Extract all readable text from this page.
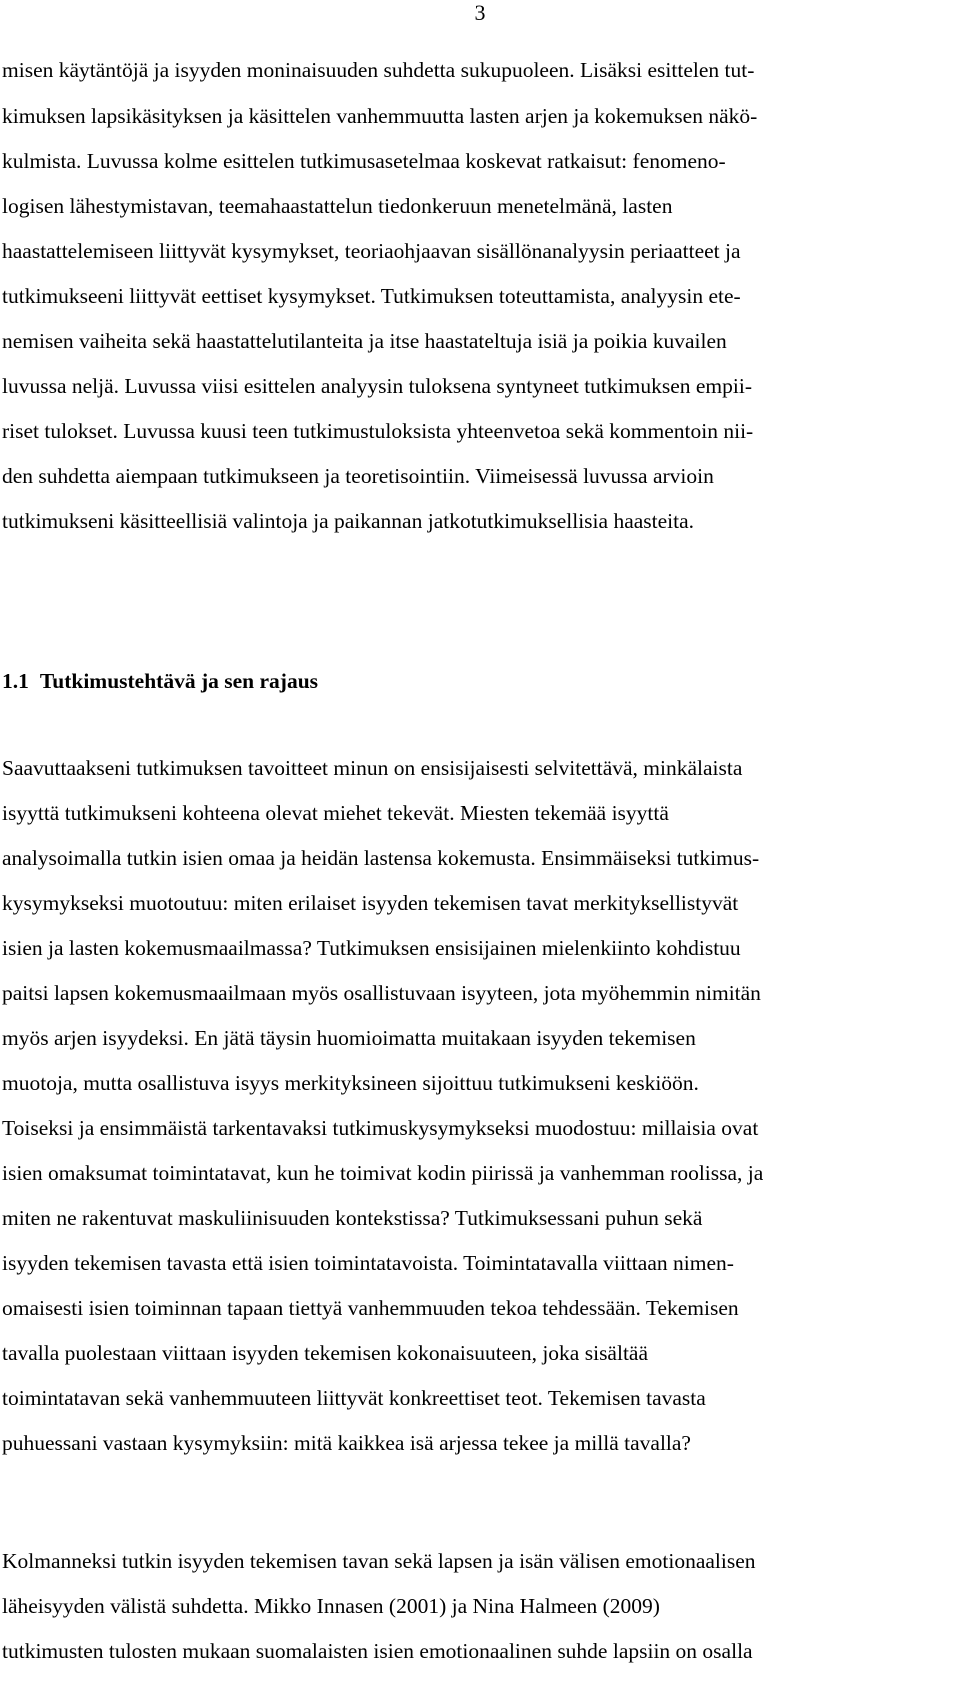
3

misen käytäntöjä ja isyyden moninaisuuden suhdetta sukupuoleen. Lisäksi esittelen tut-

kimuksen lapsikäsityksen ja käsittelen vanhemmuutta lasten arjen ja kokemuksen näkö-

kulmista. Luvussa kolme esittelen tutkimusasetelmaa koskevat ratkaisut: fenomeno-

logisen lähestymistavan, teemahaastattelun tiedonkeruun menetelmänä, lasten

haastattelemiseen liittyvät kysymykset, teoriaohjaavan sisällönanalyysin periaatteet ja

tutkimukseeni liittyvät eettiset kysymykset. Tutkimuksen toteuttamista, analyysin ete-

nemisen vaiheita sekä haastattelutilanteita ja itse haastateltuja isiä ja poikia kuvailen

luvussa neljä. Luvussa viisi esittelen analyysin tuloksena syntyneet tutkimuksen empii-

riset tulokset. Luvussa kuusi teen tutkimustuloksista yhteenvetoa sekä kommentoin nii-

den suhdetta aiempaan tutkimukseen ja teoretisointiin. Viimeisessä luvussa arvioin

tutkimukseni käsitteellisiä valintoja ja paikannan jatkotutkimuksellisia haasteita.

1.1 Tutkimustehtävä ja sen rajaus

Saavuttaakseni tutkimuksen tavoitteet minun on ensisijaisesti selvitettävä, minkälaista

isyyttä tutkimukseni kohteena olevat miehet tekevät. Miesten tekemää isyyttä

analysoimalla tutkin isien omaa ja heidän lastensa kokemusta. Ensimmäiseksi tutkimus-

kysymykseksi muotoutuu: miten erilaiset isyyden tekemisen tavat merkityksellistyvät

isien ja lasten kokemusmaailmassa? Tutkimuksen ensisijainen mielenkiinto kohdistuu

paitsi lapsen kokemusmaailmaan myös osallistuvaan isyyteen, jota myöhemmin nimitän

myös arjen isyydeksi. En jätä täysin huomioimatta muitakaan isyyden tekemisen

muotoja, mutta osallistuva isyys merkityksineen sijoittuu tutkimukseni keskiöön.

Toiseksi ja ensimmäistä tarkentavaksi tutkimuskysymykseksi muodostuu: millaisia ovat

isien omaksumat toimintatavat, kun he toimivat kodin piirissä ja vanhemman roolissa, ja

miten ne rakentuvat maskuliinisuuden kontekstissa? Tutkimuksessani puhun sekä

isyyden tekemisen tavasta että isien toimintatavoista. Toimintatavalla viittaan nimen-

omaisesti isien toiminnan tapaan tiettyä vanhemmuuden tekoa tehdessään. Tekemisen

tavalla puolestaan viittaan isyyden tekemisen kokonaisuuteen, joka sisältää

toimintatavan sekä vanhemmuuteen liittyvät konkreettiset teot. Tekemisen tavasta

puhuessani vastaan kysymyksiin: mitä kaikkea isä arjessa tekee ja millä tavalla?

Kolmanneksi tutkin isyyden tekemisen tavan sekä lapsen ja isän välisen emotionaalisen

läheisyyden välistä suhdetta. Mikko Innasen (2001) ja Nina Halmeen (2009)

tutkimusten tulosten mukaan suomalaisten isien emotionaalinen suhde lapsiin on osalla
